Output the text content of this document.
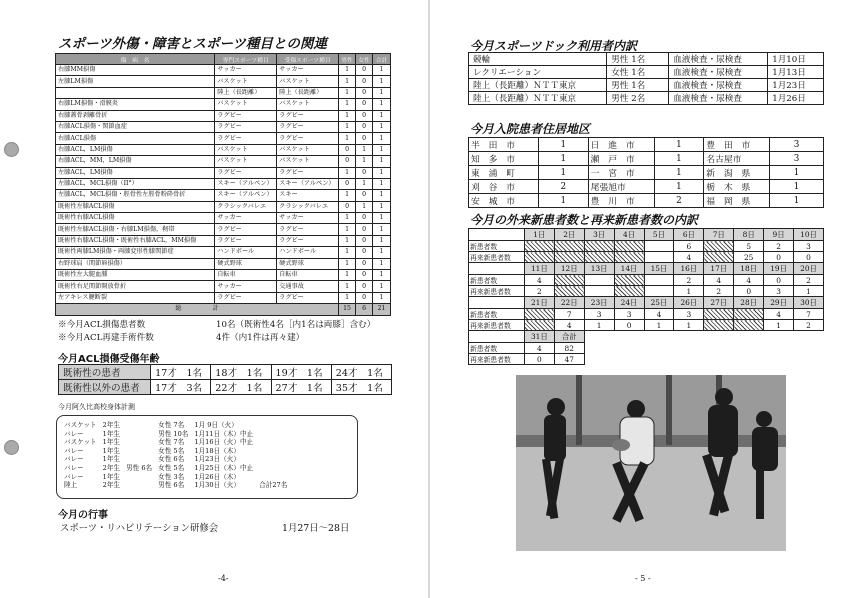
スポーツ外傷・障害とスポーツ種目との関連
傷　病　名	専門スポーツ種目	受傷スポーツ種目	男性	女性	合計
右膝MM損傷	サッカー	サッカー	1	0	1
左膝LM損傷	バスケット	バスケット	1	0	1
	陸上（長距離）	陸上（長距離）	1	0	1
右膝LM損傷・滑膜炎	バスケット	バスケット	1	0	1
右膝蓋骨剥離骨折	ラグビー	ラグビー	1	0	1
右膝ACL損傷・関節血症	ラグビー	ラグビー	1	0	1
右膝ACL損傷	ラグビー	ラグビー	1	0	1
右膝ACL，LM損傷	バスケット	バスケット	0	1	1
右膝ACL，MM，LM損傷	バスケット	バスケット	0	1	1
左膝ACL，LM損傷	ラグビー	ラグビー	1	0	1
左膝ACL，MCL損傷（II°）	スキー（アルペン）	スキー（アルペン）	0	1	1
左膝ACL，MCL損傷・脛骨性左脛骨粉砕骨折	スキー（アルペン）	スキー	1	0	1
既術性左膝ACL損傷	クラシックバレエ	クラシックバレエ	0	1	1
既術性右膝ACL損傷	サッカー	サッカー	1	0	1
既術性左膝ACL損傷・右膝LM損傷，靭帯	ラグビー	ラグビー	1	0	1
既術性右膝ACL損傷・既術性右膝ACL，MM損傷	ラグビー	ラグビー	1	0	1
既術性両膝LM損傷・両膝変形性膝関節症	ハンドボール	ハンドボール	1	0	1
右野球肩（関節唇損傷）	硬式野球	硬式野球	1	0	1
既術性左大腿血腫	自転車	自転車	1	0	1
既術性右足関節開放骨折	サッカー	交通事故	1	0	1
左アキレス腱断裂	ラグビー	ラグビー	1	0	1
総　　　　　計			15	6	21
※今月ACL損傷患者数	10名（既術性4名［内1名は両膝］含む）
※今月ACL再建手術件数	4件（内1件は再々建）
今月ACL損傷受傷年齢
既術性の患者	17才　1名	18才　1名	19才　1名	24才　1名
既術性以外の患者	17才　3名	22才　1名	27才　1名	35才　1名
今月阿久比高校身体計測
バスケット	2年生		女性 7名	1月 9日（火）	
バレー	1年生		男性 10名	1月11日（木）中止	
バスケット	1年生		女性 7名	1月16日（火）中止	
バレー	1年生		女性 5名	1月18日（木）	
バレー	1年生		女性 6名	1月23日（火）	
バレー	2年生	男性 6名	女性 5名	1月25日（木）中止	
バレー	1年生		女性 3名	1月26日（木）	
陸上	2年生		男性 6名	1月30日（火）	合計27名
今月の行事
スポーツ・リハビリテーション研修会	1月27日〜28日
-4-
今月スポーツドック利用者内訳
競輪	男性 1名	血液検査・尿検査	1月10日
レクリエーション	女性 1名	血液検査・尿検査	1月13日
陸上（長距離）ＮＴＴ東京	男性 1名	血液検査・尿検査	1月23日
陸上（長距離）ＮＴＴ東京	男性 2名	血液検査・尿検査	1月26日
今月入院患者住居地区
半　田　市	1	日　進　市	1	豊　田　市	3
知　多　市	1	瀬　戸　市	1	名古屋市	3
東　浦　町	1	一　宮　市	1	新　潟　県	1
刈　谷　市	2	尾張旭市	1	栃　木　県	1
安　城　市	1	豊　川　市	2	福　岡　県	1
今月の外来新患者数と再来新患者数の内訳
	1日	2日	3日	4日	5日	6日	7日	8日	9日	10日
新患者数						6		5	2	3
再来新患者数						4		25	0	0
	11日	12日	13日	14日	15日	16日	17日	18日	19日	20日
新患者数	4					2	4	4	0	2
再来新患者数	2					1	2	0	3	1
	21日	22日	23日	24日	25日	26日	27日	28日	29日	30日
新患者数		7	3	3	4	3			4	7
再来新患者数		4	1	0	1	1			1	2
	31日	合計								
新患者数	4	82								
再来新患者数	0	47								
- 5 -
